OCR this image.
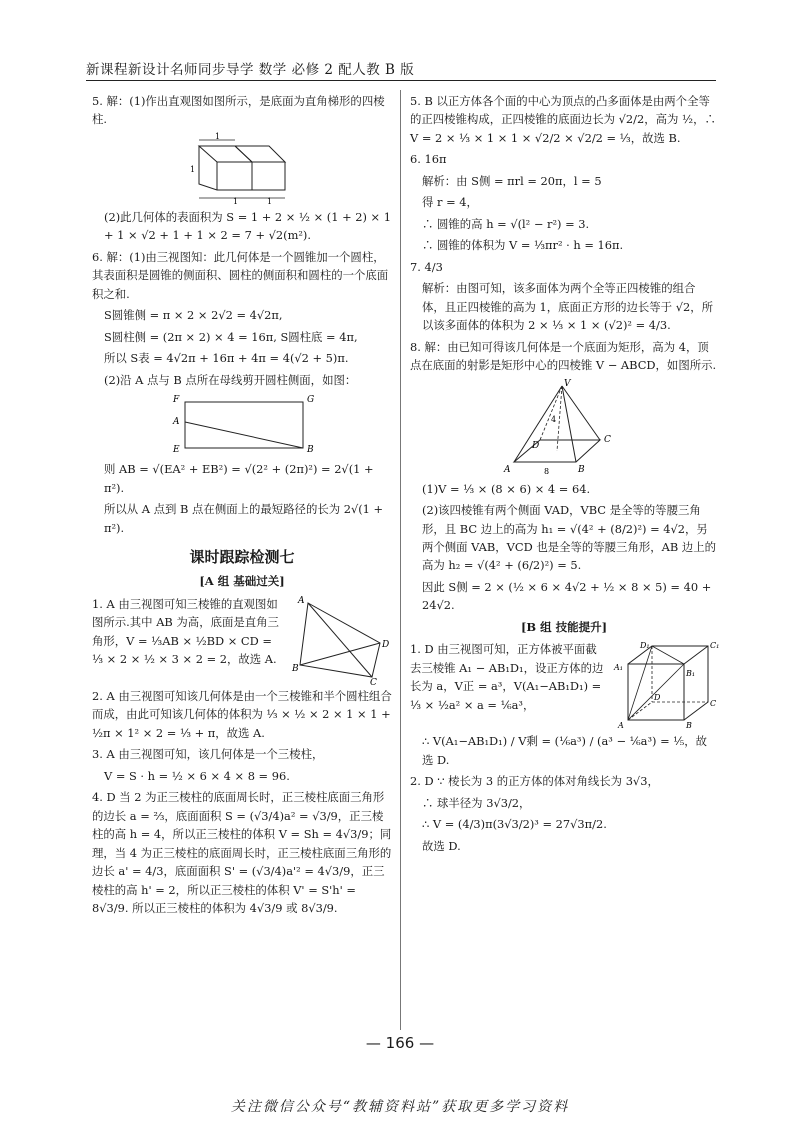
新课程新设计名师同步导学 数学 必修 2 配人教 B 版

5. 解：(1)作出直观图如图所示，是底面为直角梯形的四棱柱.

1
1
1	1

(2)此几何体的表面积为 S = 1 + 2 × ½ × (1 + 2) × 1 + 1 × √2 + 1 + 1 × 2 = 7 + √2(m²).

6. 解：(1)由三视图知：此几何体是一个圆锥加一个圆柱，其表面积是圆锥的侧面积、圆柱的侧面积和圆柱的一个底面积之和.

S圆锥侧 = π × 2 × 2√2 = 4√2π,

S圆柱侧 = (2π × 2) × 4 = 16π, S圆柱底 = 4π,

所以 S表 = 4√2π + 16π + 4π = 4(√2 + 5)π.

(2)沿 A 点与 B 点所在母线剪开圆柱侧面，如图：

F	G
A
E	B

则 AB = √(EA² + EB²) = √(2² + (2π)²) = 2√(1 + π²).

所以从 A 点到 B 点在侧面上的最短路径的长为 2√(1 + π²).

课时跟踪检测七
[A 组 基础过关]
A
B
D
C

1. A 由三视图可知三棱锥的直观图如图所示.其中 AB 为高，底面是直角三角形，V = ⅓AB × ½BD × CD = ⅓ × 2 × ½ × 3 × 2 = 2，故选 A.

2. A 由三视图可知该几何体是由一个三棱锥和半个圆柱组合而成，由此可知该几何体的体积为 ⅓ × ½ × 2 × 1 × 1 + ½π × 1² × 2 = ⅓ + π，故选 A.

3. A 由三视图可知，该几何体是一个三棱柱，

V = S · h = ½ × 6 × 4 × 8 = 96.

4. D 当 2 为正三棱柱的底面周长时，正三棱柱底面三角形的边长 a = ⅔，底面面积 S = (√3/4)a² = √3/9，正三棱柱的高 h = 4，所以正三棱柱的体积 V = Sh = 4√3/9；同理，当 4 为正三棱柱的底面周长时，正三棱柱底面三角形的边长 a' = 4/3，底面面积 S' = (√3/4)a'² = 4√3/9，正三棱柱的高 h' = 2，所以正三棱柱的体积 V' = S'h' = 8√3/9. 所以正三棱柱的体积为 4√3/9 或 8√3/9.

5. B 以正方体各个面的中心为顶点的凸多面体是由两个全等的正四棱锥构成，正四棱锥的底面边长为 √2/2，高为 ½，∴ V = 2 × ⅓ × 1 × 1 × √2/2 × √2/2 = ⅓，故选 B.

6. 16π

解析：由 S侧 = πrl = 20π，l = 5

得 r = 4，

∴ 圆锥的高 h = √(l² − r²) = 3.

∴ 圆锥的体积为 V = ⅓πr² · h = 16π.

7. 4/3

解析：由图可知，该多面体为两个全等正四棱锥的组合体，且正四棱锥的高为 1，底面正方形的边长等于 √2，所以该多面体的体积为 2 × ⅓ × 1 × (√2)² = 4/3.

8. 解：由已知可得该几何体是一个底面为矩形，高为 4，顶点在底面的射影是矩形中心的四棱锥 V − ABCD，如图所示.

V
4
D
C
A	8	B

(1)V = ⅓ × (8 × 6) × 4 = 64.

(2)该四棱锥有两个侧面 VAD，VBC 是全等的等腰三角形，且 BC 边上的高为 h₁ = √(4² + (8/2)²) = 4√2，另两个侧面 VAB，VCD 也是全等的等腰三角形，AB 边上的高为 h₂ = √(4² + (6/2)²) = 5.

因此 S侧 = 2 × (½ × 6 × 4√2 + ½ × 8 × 5) = 40 + 24√2.

[B 组 技能提升]
D₁	C₁
A₁
B₁
D
C
A	B

1. D 由三视图可知，正方体被平面截去三棱锥 A₁ − AB₁D₁，设正方体的边长为 a，V正 = a³，V(A₁−AB₁D₁) = ⅓ × ½a² × a = ⅙a³，

∴ V(A₁−AB₁D₁) / V剩 = (⅙a³) / (a³ − ⅙a³) = ⅕，故选 D.

2. D ∵ 棱长为 3 的正方体的体对角线长为 3√3，

∴ 球半径为 3√3/2，

∴ V = (4/3)π(3√3/2)³ = 27√3π/2.

故选 D.

— 166 —
关注微信公众号“教辅资料站”获取更多学习资料
